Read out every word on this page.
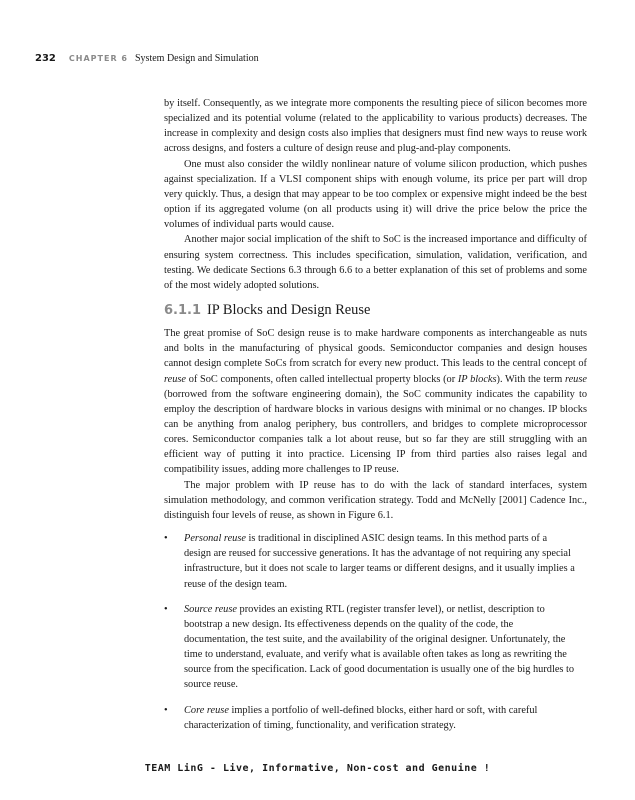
232 CHAPTER 6 System Design and Simulation

by itself. Consequently, as we integrate more components the resulting piece of silicon becomes more specialized and its potential volume (related to the applicability to various products) decreases. The increase in complexity and design costs also implies that designers must find new ways to reuse work across designs, and fosters a culture of design reuse and plug-and-play components.

One must also consider the wildly nonlinear nature of volume silicon production, which pushes against specialization. If a VLSI component ships with enough volume, its price per part will drop very quickly. Thus, a design that may appear to be too complex or expensive might indeed be the best option if its aggregated volume (on all products using it) will drive the price below the price the volumes of individual parts would cause.

Another major social implication of the shift to SoC is the increased importance and difficulty of ensuring system correctness. This includes specification, simulation, validation, verification, and testing. We dedicate Sections 6.3 through 6.6 to a better explanation of this set of problems and some of the most widely adopted solutions.

6.1.1 IP Blocks and Design Reuse

The great promise of SoC design reuse is to make hardware components as interchangeable as nuts and bolts in the manufacturing of physical goods. Semiconductor companies and design houses cannot design complete SoCs from scratch for every new product. This leads to the central concept of reuse of SoC components, often called intellectual property blocks (or IP blocks). With the term reuse (borrowed from the software engineering domain), the SoC community indicates the capability to employ the description of hardware blocks in various designs with minimal or no changes. IP blocks can be anything from analog periphery, bus controllers, and bridges to complete microprocessor cores. Semiconductor companies talk a lot about reuse, but so far they are still struggling with an efficient way of putting it into practice. Licensing IP from third parties also raises legal and compatibility issues, adding more challenges to IP reuse.

The major problem with IP reuse has to do with the lack of standard interfaces, system simulation methodology, and common verification strategy. Todd and McNelly [2001] Cadence Inc., distinguish four levels of reuse, as shown in Figure 6.1.

• Personal reuse is traditional in disciplined ASIC design teams. In this method parts of a design are reused for successive generations. It has the advantage of not requiring any special infrastructure, but it does not scale to larger teams or different designs, and it usually implies a reuse of the design team.
• Source reuse provides an existing RTL (register transfer level), or netlist, description to bootstrap a new design. Its effectiveness depends on the quality of the code, the documentation, the test suite, and the availability of the original designer. Unfortunately, the time to understand, evaluate, and verify what is available often takes as long as rewriting the source from the specification. Lack of good documentation is usually one of the big hurdles to source reuse.
• Core reuse implies a portfolio of well-defined blocks, either hard or soft, with careful characterization of timing, functionality, and verification strategy.
TEAM LinG - Live, Informative, Non-cost and Genuine !
